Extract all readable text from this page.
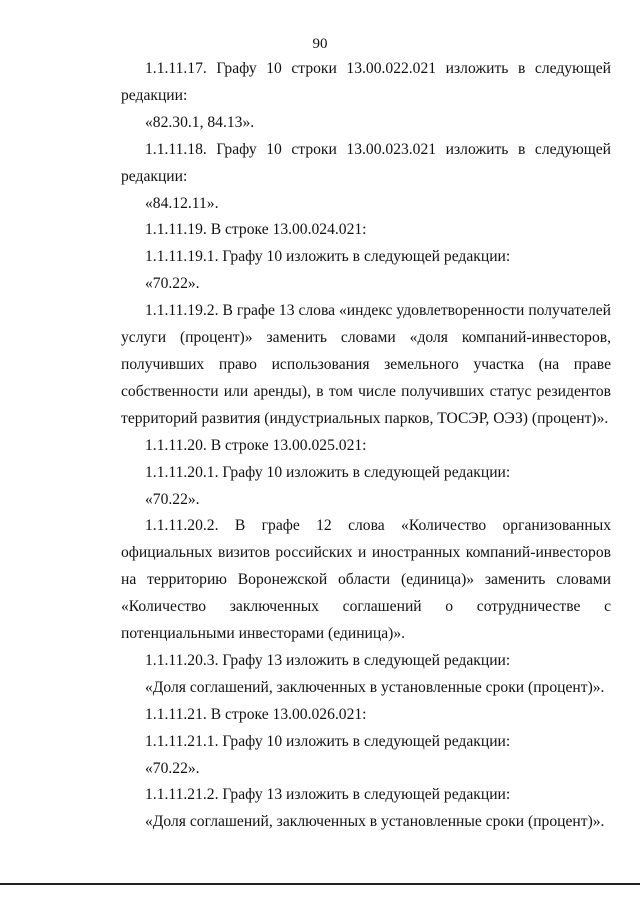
90

1.1.11.17. Графу 10 строки 13.00.022.021 изложить в следующей редакции:

«82.30.1, 84.13».

1.1.11.18. Графу 10 строки 13.00.023.021 изложить в следующей редакции:

«84.12.11».

1.1.11.19. В строке 13.00.024.021:

1.1.11.19.1. Графу 10 изложить в следующей редакции:

«70.22».

1.1.11.19.2. В графе 13 слова «индекс удовлетворенности получателей услуги (процент)» заменить словами «доля компаний-инвесторов, получивших право использования земельного участка (на праве собственности или аренды), в том числе получивших статус резидентов территорий развития (индустриальных парков, ТОСЭР, ОЭЗ) (процент)».

1.1.11.20. В строке 13.00.025.021:

1.1.11.20.1. Графу 10 изложить в следующей редакции:

«70.22».

1.1.11.20.2. В графе 12 слова «Количество организованных официальных визитов российских и иностранных компаний-инвесторов на территорию Воронежской области (единица)» заменить словами «Количество заключенных соглашений о сотрудничестве с потенциальными инвесторами (единица)».

1.1.11.20.3. Графу 13 изложить в следующей редакции:

«Доля соглашений, заключенных в установленные сроки (процент)».

1.1.11.21. В строке 13.00.026.021:

1.1.11.21.1. Графу 10 изложить в следующей редакции:

«70.22».

1.1.11.21.2. Графу 13 изложить в следующей редакции:

«Доля соглашений, заключенных в установленные сроки (процент)».
